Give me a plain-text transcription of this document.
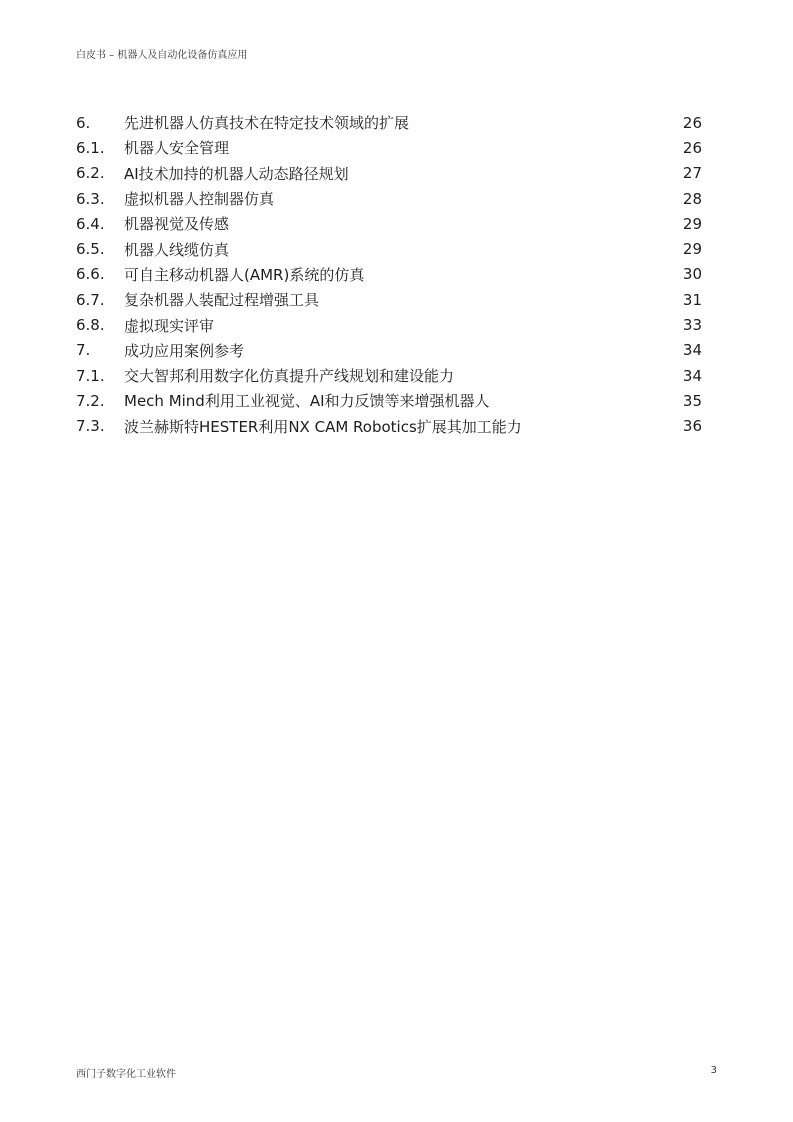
白皮书 – 机器人及自动化设备仿真应用
6.	先进机器人仿真技术在特定技术领域的扩展	26
6.1.	机器人安全管理	26
6.2.	AI技术加持的机器人动态路径规划	27
6.3.	虚拟机器人控制器仿真	28
6.4.	机器视觉及传感	29
6.5.	机器人线缆仿真	29
6.6.	可自主移动机器人(AMR)系统的仿真	30
6.7.	复杂机器人装配过程增强工具	31
6.8.	虚拟现实评审	33
7.	成功应用案例参考	34
7.1.	交大智邦利用数字化仿真提升产线规划和建设能力	34
7.2.	Mech Mind利用工业视觉、AI和力反馈等来增强机器人	35
7.3.	波兰赫斯特HESTER利用NX CAM Robotics扩展其加工能力	36
西门子数字化工业软件	3
